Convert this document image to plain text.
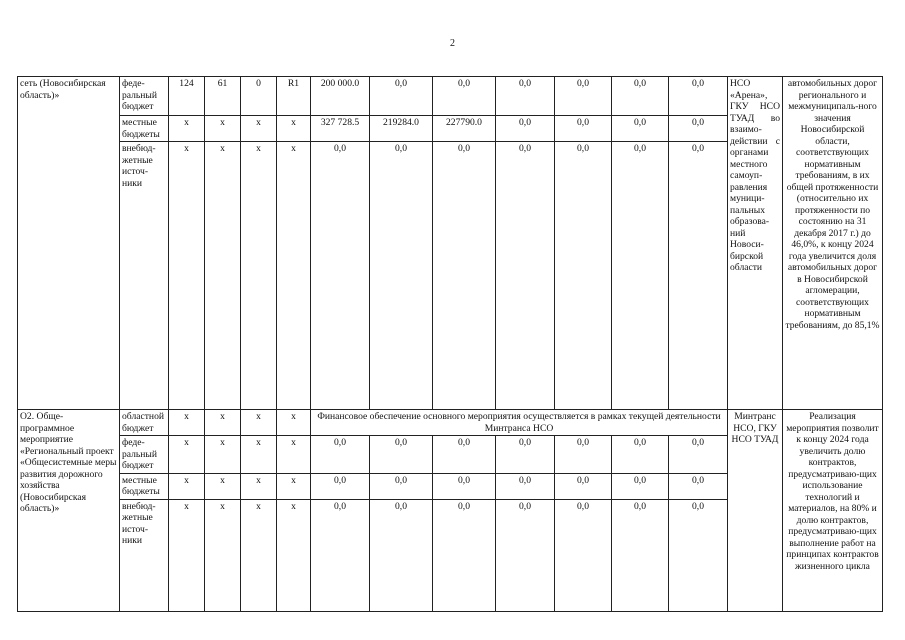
2
сеть (Новосибирская область)»	феде-ральный бюджет	124	61	0	R1	200 000.0	0,0	0,0	0,0	0,0	0,0	0,0	НСО «Арена», ГКУ НСО ТУАД во взаимо-действии с органами местного самоуп-равления муници-пальных образова-ний Новоси-бирской области	автомобильных дорог регионального и межмуниципаль-ного значения Новосибирской области, соответствующих нормативным требованиям, в их общей протяженности (относительно их протяженности по состоянию на 31 декабря 2017 г.) до 46,0%, к концу 2024 года увеличится доля автомобильных дорог в Новосибирской агломерации, соответствующих нормативным требованиям, до 85,1%
	местные бюджеты	x	x	x	x	327 728.5	219284.0	227790.0	0,0	0,0	0,0	0,0		
	внебюд-жетные источ-ники	x	x	x	x	0,0	0,0	0,0	0,0	0,0	0,0	0,0		
O2. Обще-программное мероприятие «Региональный проект «Общесистемные меры развития дорожного хозяйства (Новосибирская область)»	областной бюджет	x	x	x	x	Финансовое обеспечение основного мероприятия осуществляется в рамках текущей деятельности Минтранса НСО							Минтранс НСО, ГКУ НСО ТУАД	Реализация мероприятия позволит к концу 2024 года увеличить долю контрактов, предусматриваю-щих использование технологий и материалов, на 80% и долю контрактов, предусматриваю-щих выполнение работ на принципах контрактов жизненного цикла
	феде-ральный бюджет	x	x	x	x	0,0	0,0	0,0	0,0	0,0	0,0	0,0		
	местные бюджеты	x	x	x	x	0,0	0,0	0,0	0,0	0,0	0,0	0,0		
	внебюд-жетные источ-ники	x	x	x	x	0,0	0,0	0,0	0,0	0,0	0,0	0,0		
